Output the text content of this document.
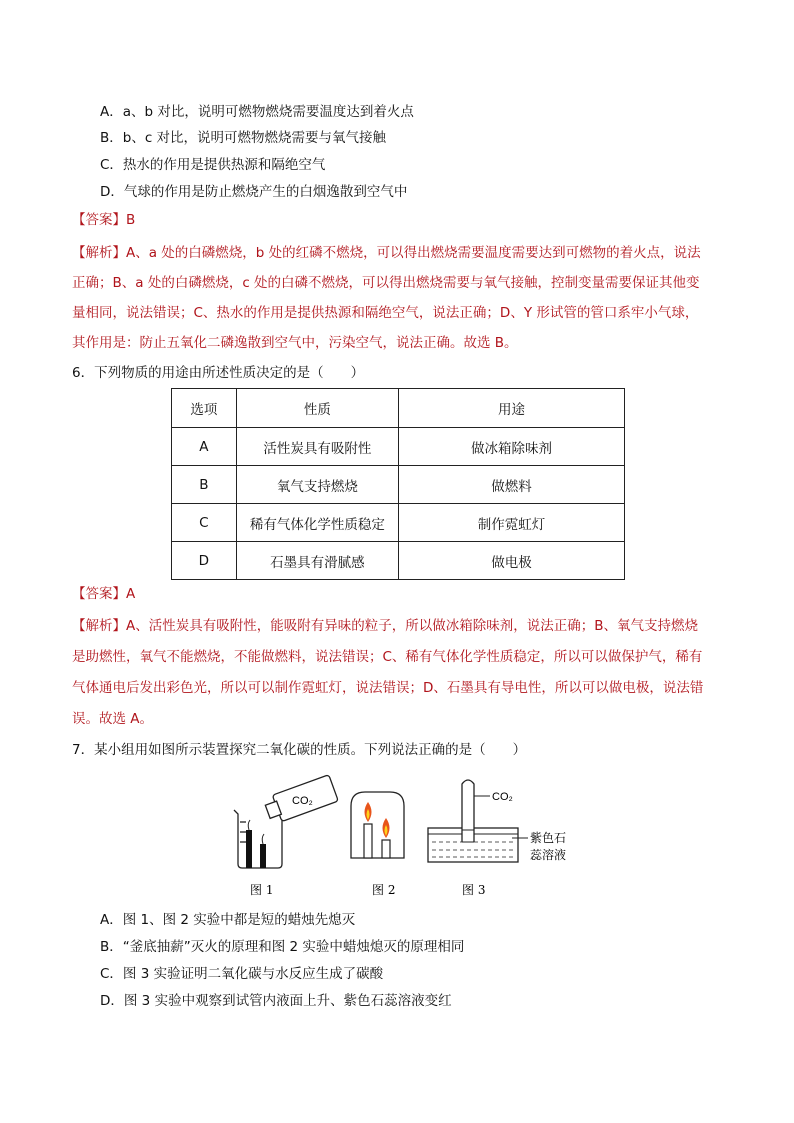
A．a、b 对比，说明可燃物燃烧需要温度达到着火点
B．b、c 对比，说明可燃物燃烧需要与氧气接触
C．热水的作用是提供热源和隔绝空气
D．气球的作用是防止燃烧产生的白烟逸散到空气中
【答案】B
【解析】A、a 处的白磷燃烧，b 处的红磷不燃烧，可以得出燃烧需要温度需要达到可燃物的着火点，说法
正确；B、a 处的白磷燃烧，c 处的白磷不燃烧，可以得出燃烧需要与氧气接触，控制变量需要保证其他变
量相同，说法错误；C、热水的作用是提供热源和隔绝空气，说法正确；D、Y 形试管的管口系牢小气球，
其作用是：防止五氧化二磷逸散到空气中，污染空气，说法正确。故选 B。
6．下列物质的用途由所述性质决定的是（　　）
选项	性质	用途
A	活性炭具有吸附性	做冰箱除味剂
B	氧气支持燃烧	做燃料
C	稀有气体化学性质稳定	制作霓虹灯
D	石墨具有滑腻感	做电极
【答案】A
【解析】A、活性炭具有吸附性，能吸附有异味的粒子，所以做冰箱除味剂，说法正确；B、氧气支持燃烧
是助燃性，氧气不能燃烧，不能做燃料，说法错误；C、稀有气体化学性质稳定，所以可以做保护气，稀有
气体通电后发出彩色光，所以可以制作霓虹灯，说法错误；D、石墨具有导电性，所以可以做电极，说法错
误。故选 A。
7．某小组用如图所示装置探究二氧化碳的性质。下列说法正确的是（　　）
CO₂	CO₂
紫色石
蕊溶液
图 1	图 2	图 3
A．图 1、图 2 实验中都是短的蜡烛先熄灭
B．“釜底抽薪”灭火的原理和图 2 实验中蜡烛熄灭的原理相同
C．图 3 实验证明二氧化碳与水反应生成了碳酸
D．图 3 实验中观察到试管内液面上升、紫色石蕊溶液变红
